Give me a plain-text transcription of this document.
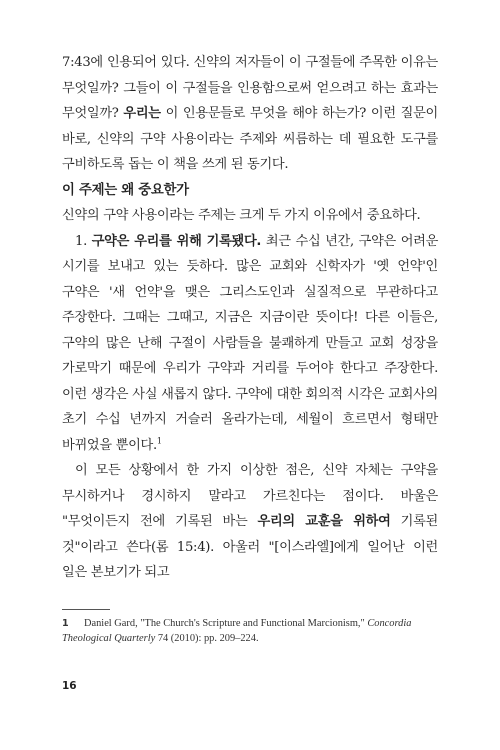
7:43에 인용되어 있다. 신약의 저자들이 이 구절들에 주목한 이유는 무엇일까? 그들이 이 구절들을 인용함으로써 얻으려고 하는 효과는 무엇일까? 우리는 이 인용문들로 무엇을 해야 하는가? 이런 질문이 바로, 신약의 구약 사용이라는 주제와 씨름하는 데 필요한 도구를 구비하도록 돕는 이 책을 쓰게 된 동기다.

이 주제는 왜 중요한가

신약의 구약 사용이라는 주제는 크게 두 가지 이유에서 중요하다.

1. 구약은 우리를 위해 기록됐다. 최근 수십 년간, 구약은 어려운 시기를 보내고 있는 듯하다. 많은 교회와 신학자가 '옛 언약'인 구약은 '새 언약'을 맺은 그리스도인과 실질적으로 무관하다고 주장한다. 그때는 그때고, 지금은 지금이란 뜻이다! 다른 이들은, 구약의 많은 난해 구절이 사람들을 불쾌하게 만들고 교회 성장을 가로막기 때문에 우리가 구약과 거리를 두어야 한다고 주장한다. 이런 생각은 사실 새롭지 않다. 구약에 대한 회의적 시각은 교회사의 초기 수십 년까지 거슬러 올라가는데, 세월이 흐르면서 형태만 바뀌었을 뿐이다.$^1$

이 모든 상황에서 한 가지 이상한 점은, 신약 자체는 구약을 무시하거나 경시하지 말라고 가르친다는 점이다. 바울은 "무엇이든지 전에 기록된 바는 우리의 교훈을 위하여 기록된 것"이라고 쓴다(롬 15:4). 아울러 "[이스라엘]에게 일어난 이런 일은 본보기가 되고

1 Daniel Gard, "The Church's Scripture and Functional Marcionism," Concordia Theological Quarterly 74 (2010): pp. 209–224.
16
